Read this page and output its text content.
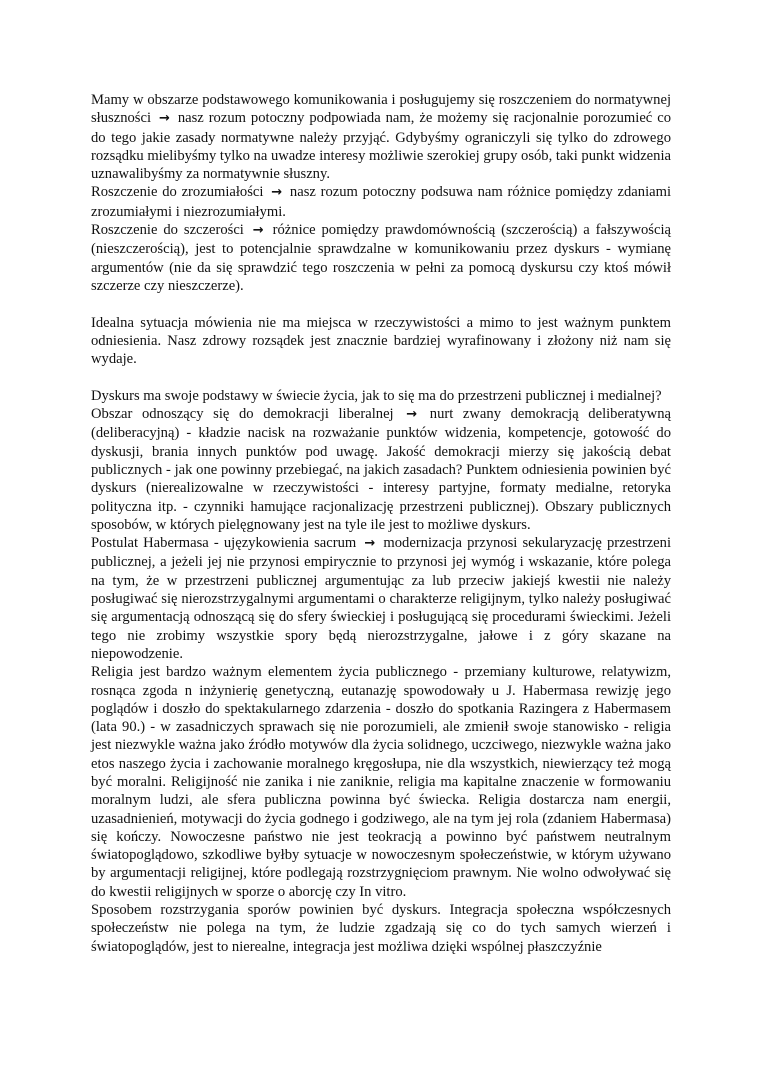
Mamy w obszarze podstawowego komunikowania i posługujemy się roszczeniem do normatywnej słuszności → nasz rozum potoczny podpowiada nam, że możemy się racjonalnie porozumieć co do tego jakie zasady normatywne należy przyjąć. Gdybyśmy ograniczyli się tylko do zdrowego rozsądku mielibyśmy tylko na uwadze interesy możliwie szerokiej grupy osób, taki punkt widzenia uznawalibyśmy za normatywnie słuszny.

Roszczenie do zrozumiałości → nasz rozum potoczny podsuwa nam różnice pomiędzy zdaniami zrozumiałymi i niezrozumiałymi.

Roszczenie do szczerości → różnice pomiędzy prawdomównością (szczerością) a fałszywością (nieszczerością), jest to potencjalnie sprawdzalne w komunikowaniu przez dyskurs - wymianę argumentów (nie da się sprawdzić tego roszczenia w pełni za pomocą dyskursu czy ktoś mówił szczerze czy nieszczerze).

Idealna sytuacja mówienia nie ma miejsca w rzeczywistości a mimo to jest ważnym punktem odniesienia. Nasz zdrowy rozsądek jest znacznie bardziej wyrafinowany i złożony niż nam się wydaje.

Dyskurs ma swoje podstawy w świecie życia, jak to się ma do przestrzeni publicznej i medialnej?

Obszar odnoszący się do demokracji liberalnej → nurt zwany demokracją deliberatywną (deliberacyjną) - kładzie nacisk na rozważanie punktów widzenia, kompetencje, gotowość do dyskusji, brania innych punktów pod uwagę. Jakość demokracji mierzy się jakością debat publicznych - jak one powinny przebiegać, na jakich zasadach? Punktem odniesienia powinien być dyskurs (nierealizowalne w rzeczywistości - interesy partyjne, formaty medialne, retoryka polityczna itp. - czynniki hamujące racjonalizację przestrzeni publicznej). Obszary publicznych sposobów, w których pielęgnowany jest na tyle ile jest to możliwe dyskurs.

Postulat Habermasa - ujęzykowienia sacrum → modernizacja przynosi sekularyzację przestrzeni publicznej, a jeżeli jej nie przynosi empirycznie to przynosi jej wymóg i wskazanie, które polega na tym, że w przestrzeni publicznej argumentując za lub przeciw jakiejś kwestii nie należy posługiwać się nierozstrzygalnymi argumentami o charakterze religijnym, tylko należy posługiwać się argumentacją odnoszącą się do sfery świeckiej i posługującą się procedurami świeckimi. Jeżeli tego nie zrobimy wszystkie spory będą nierozstrzygalne, jałowe i z góry skazane na niepowodzenie.

Religia jest bardzo ważnym elementem życia publicznego - przemiany kulturowe, relatywizm, rosnąca zgoda n inżynierię genetyczną, eutanazję spowodowały u J. Habermasa rewizję jego poglądów i doszło do spektakularnego zdarzenia - doszło do spotkania Razingera z Habermasem (lata 90.) - w zasadniczych sprawach się nie porozumieli, ale zmienił swoje stanowisko - religia jest niezwykle ważna jako źródło motywów dla życia solidnego, uczciwego, niezwykle ważna jako etos naszego życia i zachowanie moralnego kręgosłupa, nie dla wszystkich, niewierzący też mogą być moralni. Religijność nie zanika i nie zaniknie, religia ma kapitalne znaczenie w formowaniu moralnym ludzi, ale sfera publiczna powinna być świecka. Religia dostarcza nam energii, uzasadnienień, motywacji do życia godnego i godziwego, ale na tym jej rola (zdaniem Habermasa) się kończy. Nowoczesne państwo nie jest teokracją a powinno być państwem neutralnym światopoglądowo, szkodliwe byłby sytuacje w nowoczesnym społeczeństwie, w którym używano by argumentacji religijnej, które podlegają rozstrzygnięciom prawnym. Nie wolno odwoływać się do kwestii religijnych w sporze o aborcję czy In vitro.

Sposobem rozstrzygania sporów powinien być dyskurs. Integracja społeczna współczesnych społeczeństw nie polega na tym, że ludzie zgadzają się co do tych samych wierzeń i światopoglądów, jest to nierealne, integracja jest możliwa dzięki wspólnej płaszczyźnie
